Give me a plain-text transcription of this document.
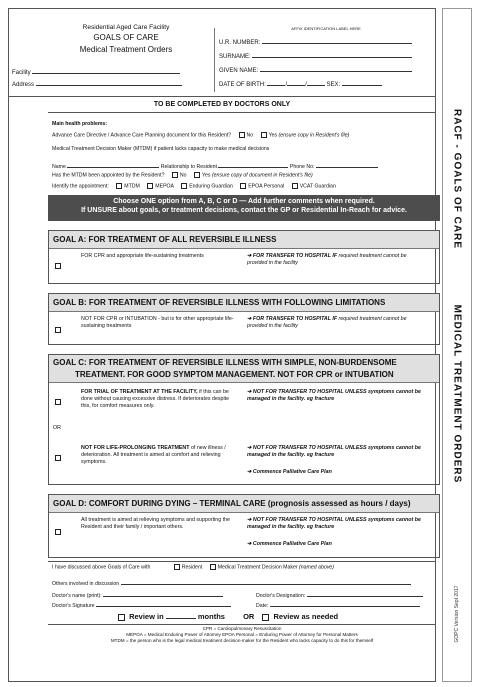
RACF - GOALS OF CARE
MEDICAL TREATMENT ORDERS
GOPC Version Sept 2017
Residential Aged Care Facility
GOALS OF CARE
Medical Treatment Orders
Facility
Address
AFFIX IDENTIFICATION LABEL HERE
U.R. NUMBER:
SURNAME:
GIVEN NAME:
DATE OF BIRTH:	/	/	SEX:
TO BE COMPLETED BY DOCTORS ONLY
Main health problems:
Advance Care Directive / Advance Care Planning document for this Resident?	No	Yes (ensure copy in Resident's file)
Medical Treatment Decision Maker (MTDM) if patient lacks capacity to make medical decisions
Name	Relationship to Resident	Phone No:
Has the MTDM been appointed by the Resident?	No	Yes (ensure copy of document in Resident's file)
Identify the appointment:	MTDM	MEPOA	Enduring Guardian	EPOA Personal	VCAT Guardian
Choose ONE option from A, B, C or D — Add further comments when required.
If UNSURE about goals, or treatment decisions, contact the GP or Residential In-Reach for advice.
GOAL A: FOR TREATMENT OF ALL REVERSIBLE ILLNESS
FOR CPR and appropriate life-sustaining treatments	➔ FOR TRANSFER TO HOSPITAL IF required treatment cannot be provided in the facility
GOAL B: FOR TREATMENT OF REVERSIBLE ILLNESS WITH FOLLOWING LIMITATIONS
NOT FOR CPR or INTUBATION - but is for other appropriate life-sustaining treatments
➔ FOR TRANSFER TO HOSPITAL IF required treatment cannot be provided in the facility
GOAL C: FOR TREATMENT OF REVERSIBLE ILLNESS WITH SIMPLE, NON-BURDENSOME
TREATMENT. FOR GOOD SYMPTOM MANAGEMENT. NOT FOR CPR or INTUBATION
FOR TRIAL OF TREATMENT AT THE FACILITY, if this can be done without causing excessive distress. If deteriorates despite this, for comfort measures only.
➔ NOT FOR TRANSFER TO HOSPITAL UNLESS symptoms cannot be managed in the facility. eg fracture
OR
NOT FOR LIFE-PROLONGING TREATMENT of new illness / deterioration. All treatment is aimed at comfort and relieving symptoms.
➔ NOT FOR TRANSFER TO HOSPITAL UNLESS symptoms cannot be managed in the facility. eg fracture
➔ Commence Palliative Care Plan
GOAL D: COMFORT DURING DYING – TERMINAL CARE (prognosis assessed as hours / days)
All treatment is aimed at relieving symptoms and supporting the Resident and their family / important others.
➔ NOT FOR TRANSFER TO HOSPITAL UNLESS symptoms cannot be managed in the facility. eg fracture
➔ Commence Palliative Care Plan
I have discussed above Goals of Care with	Resident	Medical Treatment Decision Maker (named above)
Others involved in discussion
Doctor's name (print):	Doctor's Designation:
Doctor's Signature	Date:
Review in	months OR	Review as needed
CPR = Cardiopulmonary Resuscitation
MEPOA = Medical Enduring Power of Attorney EPOA Personal = Enduring Power of Attorney for Personal Matters
MTDM = the person who is the legal medical treatment decision-maker for the Resident who lacks capacity to do this for themself
